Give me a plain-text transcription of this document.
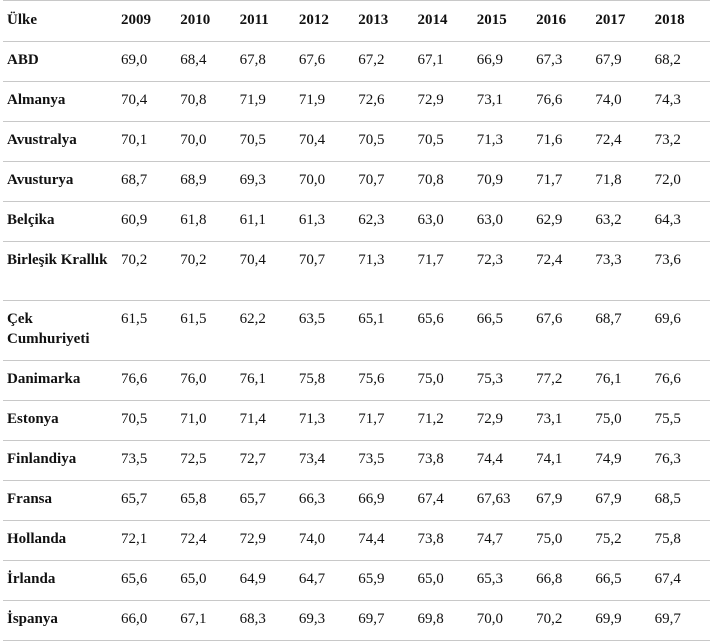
Ülke	2009	2010	2011	2012	2013	2014	2015	2016	2017	2018
ABD	69,0	68,4	67,8	67,6	67,2	67,1	66,9	67,3	67,9	68,2
Almanya	70,4	70,8	71,9	71,9	72,6	72,9	73,1	76,6	74,0	74,3
Avustralya	70,1	70,0	70,5	70,4	70,5	70,5	71,3	71,6	72,4	73,2
Avusturya	68,7	68,9	69,3	70,0	70,7	70,8	70,9	71,7	71,8	72,0
Belçika	60,9	61,8	61,1	61,3	62,3	63,0	63,0	62,9	63,2	64,3
Birleşik Krallık	70,2	70,2	70,4	70,7	71,3	71,7	72,3	72,4	73,3	73,6
Çek Cumhuriyeti	61,5	61,5	62,2	63,5	65,1	65,6	66,5	67,6	68,7	69,6
Danimarka	76,6	76,0	76,1	75,8	75,6	75,0	75,3	77,2	76,1	76,6
Estonya	70,5	71,0	71,4	71,3	71,7	71,2	72,9	73,1	75,0	75,5
Finlandiya	73,5	72,5	72,7	73,4	73,5	73,8	74,4	74,1	74,9	76,3
Fransa	65,7	65,8	65,7	66,3	66,9	67,4	67,63	67,9	67,9	68,5
Hollanda	72,1	72,4	72,9	74,0	74,4	73,8	74,7	75,0	75,2	75,8
İrlanda	65,6	65,0	64,9	64,7	65,9	65,0	65,3	66,8	66,5	67,4
İspanya	66,0	67,1	68,3	69,3	69,7	69,8	70,0	70,2	69,9	69,7
